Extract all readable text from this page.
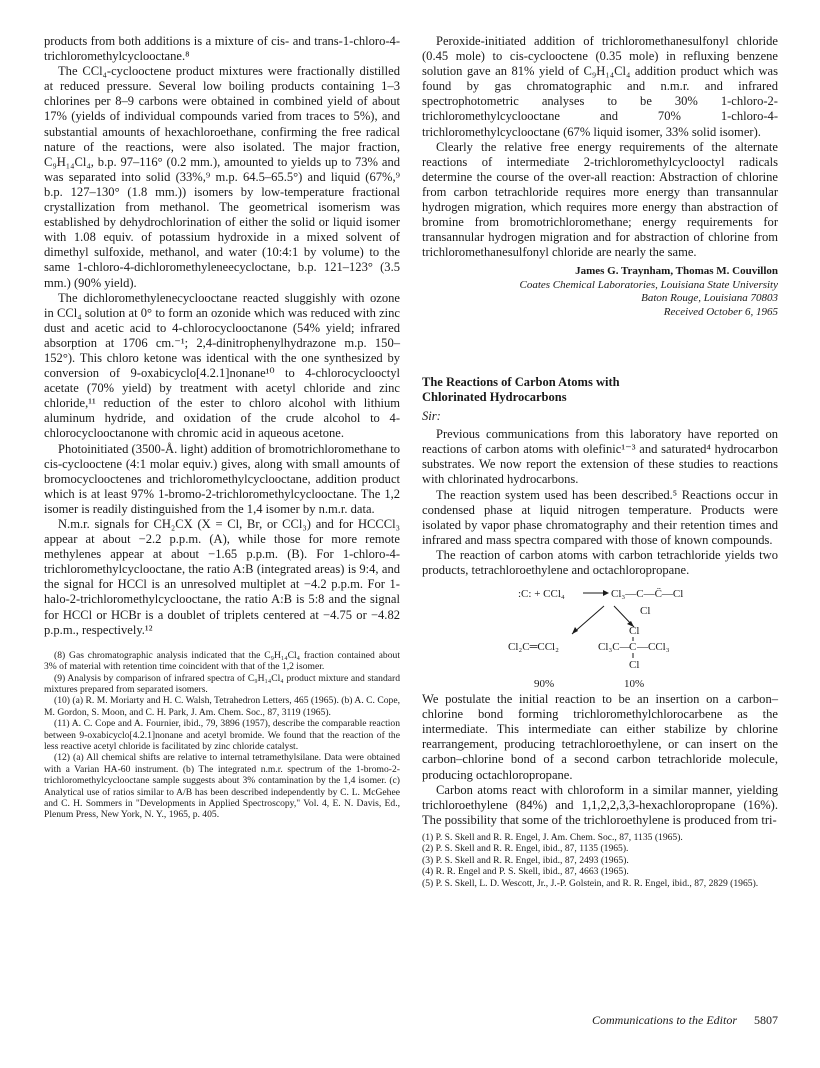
products from both additions is a mixture of cis- and trans-1-chloro-4-trichloromethylcyclooctane.⁸

The CCl₄-cyclooctene product mixtures were fractionally distilled at reduced pressure. Several low boiling products containing 1–3 chlorines per 8–9 carbons were obtained in combined yield of about 17% (yields of individual compounds varied from traces to 5%), and substantial amounts of hexachloroethane, confirming the free radical nature of the reactions, were also isolated. The major fraction, C₉H₁₄Cl₄, b.p. 97–116° (0.2 mm.), amounted to yields up to 73% and was separated into solid (33%,⁹ m.p. 64.5–65.5°) and liquid (67%,⁹ b.p. 127–130° (1.8 mm.)) isomers by low-temperature fractional crystallization from methanol. The geometrical isomerism was established by dehydrochlorination of either the solid or liquid isomer with 1.08 equiv. of potassium hydroxide in a mixed solvent of dimethyl sulfoxide, methanol, and water (10:4:1 by volume) to the same 1-chloro-4-dichloromethyleneecycloctane, b.p. 121–123° (3.5 mm.) (90% yield).

The dichloromethylenecyclooctane reacted sluggishly with ozone in CCl₄ solution at 0° to form an ozonide which was reduced with zinc dust and acetic acid to 4-chlorocyclooctanone (54% yield; infrared absorption at 1706 cm.⁻¹; 2,4-dinitrophenylhydrazone m.p. 150–152°). This chloro ketone was identical with the one synthesized by conversion of 9-oxabicyclo[4.2.1]nonane¹⁰ to 4-chlorocyclooctyl acetate (70% yield) by treatment with acetyl chloride and zinc chloride,¹¹ reduction of the ester to chloro alcohol with lithium aluminum hydride, and oxidation of the crude alcohol to 4-chlorocyclooctanone with chromic acid in aqueous acetone.

Photoinitiated (3500-Å. light) addition of bromotrichloromethane to cis-cyclooctene (4:1 molar equiv.) gives, along with small amounts of bromocyclooctenes and trichloromethylcyclooctane, addition product which is at least 97% 1-bromo-2-trichloromethylcyclooctane. The 1,2 isomer is readily distinguished from the 1,4 isomer by n.m.r. data.

N.m.r. signals for CH₂CX (X = Cl, Br, or CCl₃) and for HCCCl₃ appear at about −2.2 p.p.m. (A), while those for more remote methylenes appear at about −1.65 p.p.m. (B). For 1-chloro-4-trichloromethylcyclooctane, the ratio A:B (integrated areas) is 9:4, and the signal for HCCl is an unresolved multiplet at −4.2 p.p.m. For 1-halo-2-trichloromethylcyclooctane, the ratio A:B is 5:8 and the signal for HCCl or HCBr is a doublet of triplets centered at −4.75 or −4.82 p.p.m., respectively.¹²

(8) Gas chromatographic analysis indicated that the C₉H₁₄Cl₄ fraction contained about 3% of material with retention time coincident with that of the 1,2 isomer.

(9) Analysis by comparison of infrared spectra of C₉H₁₄Cl₄ product mixture and standard mixtures prepared from separated isomers.

(10) (a) R. M. Moriarty and H. C. Walsh, Tetrahedron Letters, 465 (1965). (b) A. C. Cope, M. Gordon, S. Moon, and C. H. Park, J. Am. Chem. Soc., 87, 3119 (1965).

(11) A. C. Cope and A. Fournier, ibid., 79, 3896 (1957), describe the comparable reaction between 9-oxabicyclo[4.2.1]nonane and acetyl bromide. We found that the reaction of the less reactive acetyl chloride is facilitated by zinc chloride catalyst.

(12) (a) All chemical shifts are relative to internal tetramethylsilane. Data were obtained with a Varian HA-60 instrument. (b) The integrated n.m.r. spectrum of the 1-bromo-2-trichloromethylcyclooctane sample suggests about 3% contamination by the 1,4 isomer. (c) Analytical use of ratios similar to A/B has been described independently by C. L. McGehee and C. H. Sommers in "Developments in Applied Spectroscopy," Vol. 4, E. N. Davis, Ed., Plenum Press, New York, N. Y., 1965, p. 405.

Peroxide-initiated addition of trichloromethanesulfonyl chloride (0.45 mole) to cis-cyclooctene (0.35 mole) in refluxing benzene solution gave an 81% yield of C₉H₁₄Cl₄ addition product which was found by gas chromatographic and n.m.r. and infrared spectrophotometric analyses to be 30% 1-chloro-2-trichloromethylcyclooctane and 70% 1-chloro-4-trichloromethylcyclooctane (67% liquid isomer, 33% solid isomer).

Clearly the relative free energy requirements of the alternate reactions of intermediate 2-trichloromethylcyclooctyl radicals determine the course of the over-all reaction: Abstraction of chlorine from carbon tetrachloride requires more energy than transannular hydrogen migration, which requires more energy than abstraction of bromine from bromotrichloromethane; energy requirements for transannular hydrogen migration and for abstraction of chlorine from trichloromethanesulfonyl chloride are nearly the same.

James G. Traynham, Thomas M. Couvillon
Coates Chemical Laboratories, Louisiana State University
Baton Rouge, Louisiana 70803
Received October 6, 1965
The Reactions of Carbon Atoms with
Chlorinated Hydrocarbons
Sir:

Previous communications from this laboratory have reported on reactions of carbon atoms with olefinic¹⁻³ and saturated⁴ hydrocarbon substrates. We now report the extension of these studies to reactions with chlorinated hydrocarbons.

The reaction system used has been described.⁵ Reactions occur in condensed phase at liquid nitrogen temperature. Products were isolated by vapor phase chromatography and their retention times and infrared and mass spectra compared with those of known compounds.

The reaction of carbon atoms with carbon tetrachloride yields two products, tetrachloroethylene and octachloropropane.

:C: + CCl₄	Cl₃—C—C̈—Cl
Cl
Cl₂C═CCl₂
Cl
Cl₃C—
C —CCl₃
Cl
90%	10%

We postulate the initial reaction to be an insertion on a carbon–chlorine bond forming trichloromethylchlorocarbene as the intermediate. This intermediate can either stabilize by chlorine rearrangement, producing tetrachloroethylene, or can insert on the carbon–chlorine bond of a second carbon tetrachloride molecule, producing octachloropropane.

Carbon atoms react with chloroform in a similar manner, yielding trichloroethylene (84%) and 1,1,2,2,3,3-hexachloropropane (16%). The possibility that some of the trichloroethylene is produced from tri-

(1) P. S. Skell and R. R. Engel, J. Am. Chem. Soc., 87, 1135 (1965).

(2) P. S. Skell and R. R. Engel, ibid., 87, 1135 (1965).

(3) P. S. Skell and R. R. Engel, ibid., 87, 2493 (1965).

(4) R. R. Engel and P. S. Skell, ibid., 87, 4663 (1965).

(5) P. S. Skell, L. D. Wescott, Jr., J.-P. Golstein, and R. R. Engel, ibid., 87, 2829 (1965).

Communications to the Editor 5807
